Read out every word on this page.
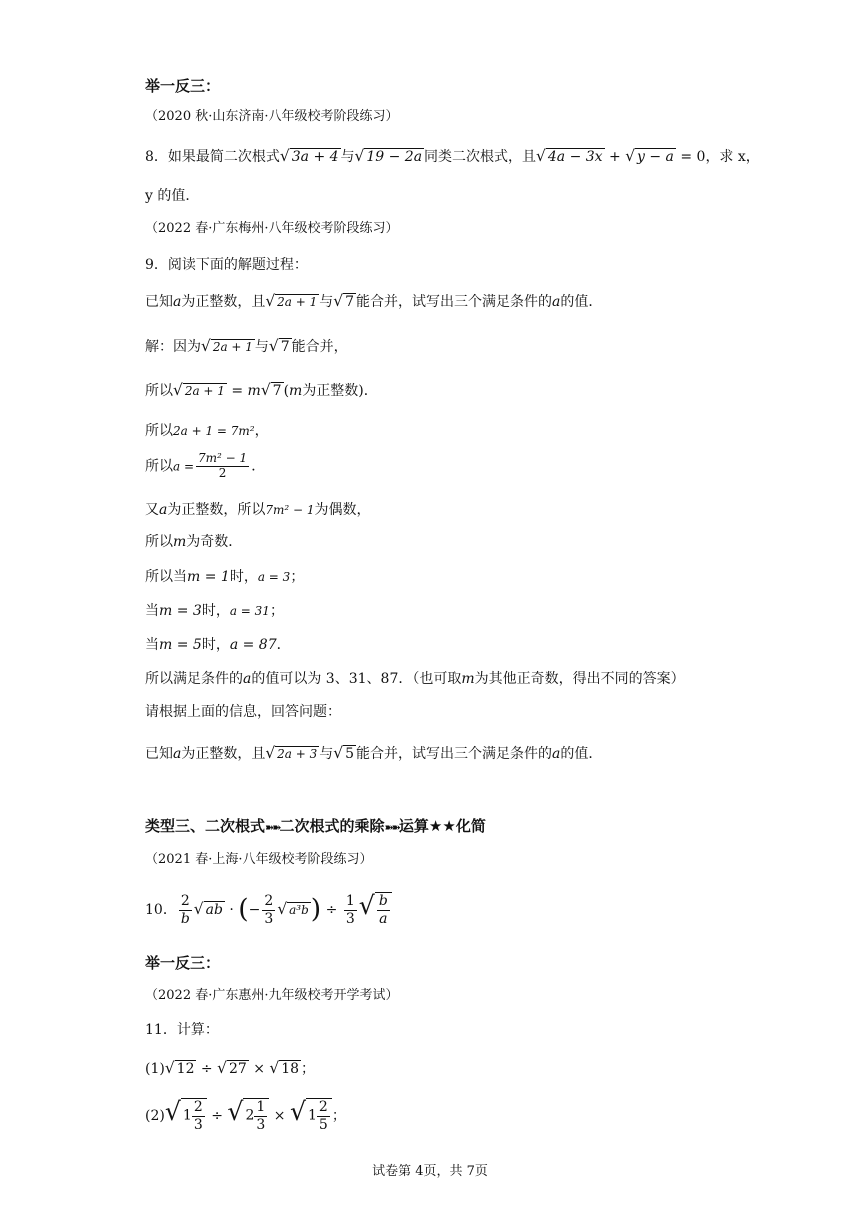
举一反三：
（2020 秋·山东济南·八年级校考阶段练习）
8．如果最简二次根式√ 3a + 4 与√ 19 − 2a 同类二次根式，且√ 4a − 3x + √ y − a = 0，求 x，
y 的值．
（2022 春·广东梅州·八年级校考阶段练习）
9．阅读下面的解题过程：
已知a为正整数，且√ 2a + 1 与√ 7 能合并，试写出三个满足条件的a的值．
解：因为√ 2a + 1 与√ 7 能合并，
所以√ 2a + 1 = m√ 7 (m为正整数)．
所以2a + 1 = 7m²，
所以$a = \frac{\text{7m² − 1}}{2}$ ．
又a为正整数，所以7m² − 1为偶数，
所以m为奇数．
所以当m = 1时，a = 3；
当m = 3时，a = 31；
当m = 5时，a = 87．
所以满足条件的a的值可以为 3、31、87．（也可取m为其他正奇数，得出不同的答案）
请根据上面的信息，回答问题：
已知a为正整数，且√ 2a + 3 与√ 5 能合并，试写出三个满足条件的a的值．
类型三、二次根式➽➽二次根式的乘除➽➽运算★★化简
（2021 春·上海·八年级校考阶段练习）
10． $\frac{2}{b}$ √ ab · (− $\frac{2}{3}$ √ $a^3b) \div \frac{1}{3}$ √ $\frac{b}{a}$
举一反三：
（2022 春·广东惠州·九年级校考开学考试）
11．计算：
(1)√ 12 ÷ √ 27 × √ 18 ；
(2)√ $1 \frac{2}{3}$ ÷ √ $2 \frac{1}{3}$ × √ $1 \frac{2}{5}$ ；
试卷第 4页，共 7页
